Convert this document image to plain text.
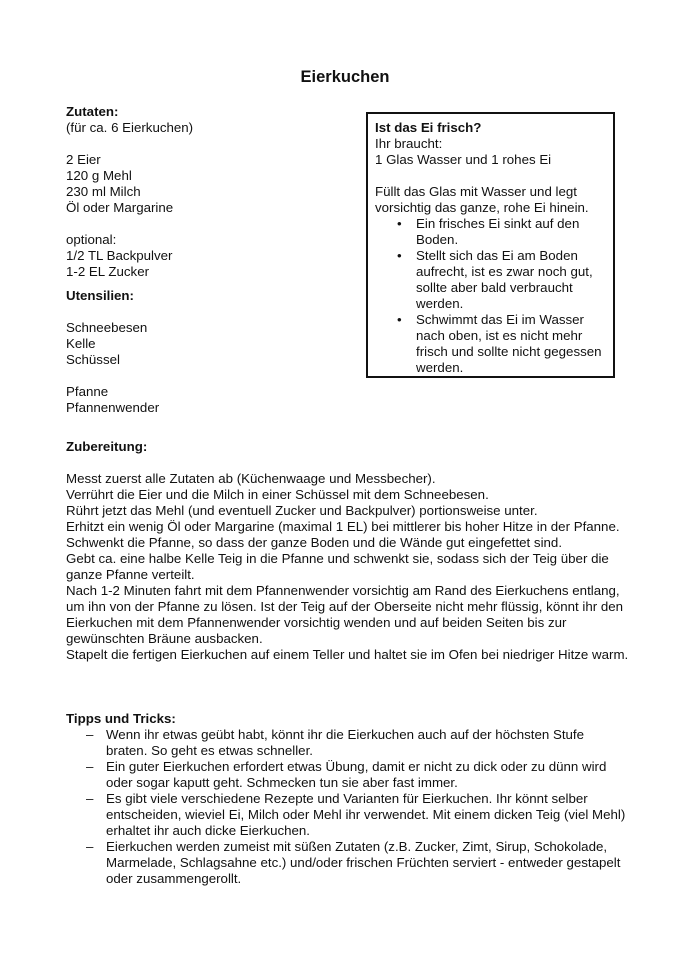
Eierkuchen
Zutaten:
(für ca. 6 Eierkuchen)
2 Eier
120 g Mehl
230 ml Milch
Öl oder Margarine
optional:
1/2 TL Backpulver
1-2 EL Zucker
Utensilien:
Schneebesen
Kelle
Schüssel
Pfanne
Pfannenwender
Ist das Ei frisch?
Ihr braucht:
1 Glas Wasser und 1 rohes Ei
Füllt das Glas mit Wasser und legt vorsichtig das ganze, rohe Ei hinein.
• Ein frisches Ei sinkt auf den Boden.
• Stellt sich das Ei am Boden aufrecht, ist es zwar noch gut, sollte aber bald verbraucht werden.
• Schwimmt das Ei im Wasser nach oben, ist es nicht mehr frisch und sollte nicht gegessen werden.
Zubereitung:

Messt zuerst alle Zutaten ab (Küchenwaage und Messbecher).

Verrührt die Eier und die Milch in einer Schüssel mit dem Schneebesen.

Rührt jetzt das Mehl (und eventuell Zucker und Backpulver) portionsweise unter.

Erhitzt ein wenig Öl oder Margarine (maximal 1 EL) bei mittlerer bis hoher Hitze in der Pfanne. Schwenkt die Pfanne, so dass der ganze Boden und die Wände gut eingefettet sind.

Gebt ca. eine halbe Kelle Teig in die Pfanne und schwenkt sie, sodass sich der Teig über die ganze Pfanne verteilt.

Nach 1-2 Minuten fahrt mit dem Pfannenwender vorsichtig am Rand des Eierkuchens entlang, um ihn von der Pfanne zu lösen. Ist der Teig auf der Oberseite nicht mehr flüssig, könnt ihr den Eierkuchen mit dem Pfannenwender vorsichtig wenden und auf beiden Seiten bis zur gewünschten Bräune ausbacken.

Stapelt die fertigen Eierkuchen auf einem Teller und haltet sie im Ofen bei niedriger Hitze warm.

Tipps und Tricks:
– Wenn ihr etwas geübt habt, könnt ihr die Eierkuchen auch auf der höchsten Stufe braten. So geht es etwas schneller.
– Ein guter Eierkuchen erfordert etwas Übung, damit er nicht zu dick oder zu dünn wird oder sogar kaputt geht. Schmecken tun sie aber fast immer.
– Es gibt viele verschiedene Rezepte und Varianten für Eierkuchen. Ihr könnt selber entscheiden, wieviel Ei, Milch oder Mehl ihr verwendet. Mit einem dicken Teig (viel Mehl) erhaltet ihr auch dicke Eierkuchen.
– Eierkuchen werden zumeist mit süßen Zutaten (z.B. Zucker, Zimt, Sirup, Schokolade, Marmelade, Schlagsahne etc.) und/oder frischen Früchten serviert - entweder gestapelt oder zusammengerollt.
